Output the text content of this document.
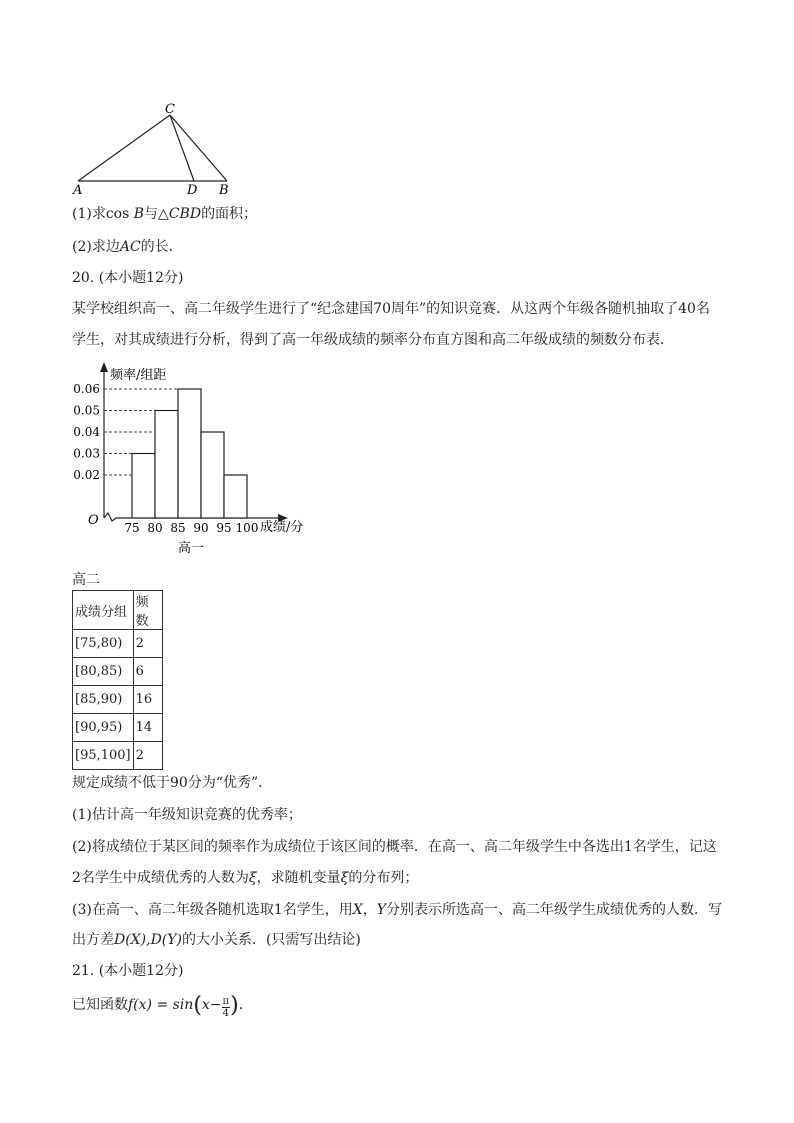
C
A	D B
(1)求cos B与△CBD的面积；
(2)求边AC的长．
20. (本小题12分)
某学校组织高一、高二年级学生进行了“纪念建国70周年”的知识竞赛．从这两个年级各随机抽取了40名
学生，对其成绩进行分析，得到了高一年级成绩的频率分布直方图和高二年级成绩的频数分布表．
频率/组距
成绩/分
O
高一
0.02
0.03
0.04
0.05
0.06
75 80 85 90 95 100
高二
成绩分组	频数
[75,80)	2
[80,85)	6
[85,90)	16
[90,95)	14
[95,100]	2
规定成绩不低于90分为“优秀”．
(1)估计高一年级知识竞赛的优秀率；
(2)将成绩位于某区间的频率作为成绩位于该区间的概率．在高一、高二年级学生中各选出1名学生，记这
2名学生中成绩优秀的人数为ξ，求随机变量ξ的分布列；
(3)在高一、高二年级各随机选取1名学生，用X，Y分别表示所选高一、高二年级学生成绩优秀的人数．写
出方差D(X),D(Y)的大小关系．(只需写出结论)
21. (本小题12分)
已知函数$f(x) = \sin(x- \frac{\pi}{4}$ )．
